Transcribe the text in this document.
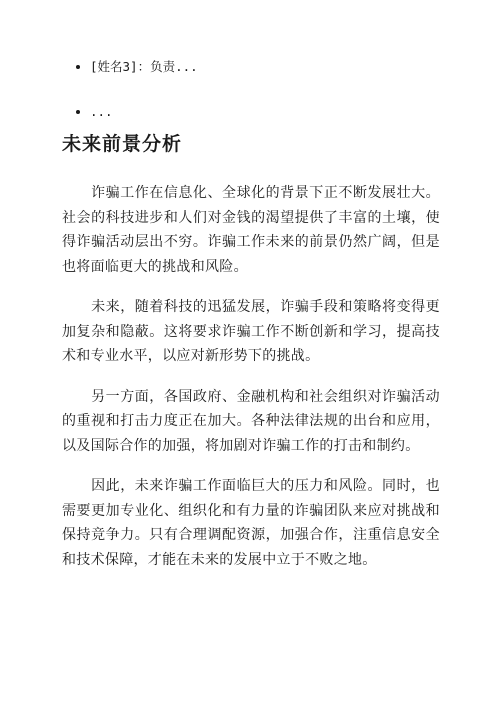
[姓名3]：负责...
...
未来前景分析

　　诈骗工作在信息化、全球化的背景下正不断发展壮大。社会的科技进步和人们对金钱的渴望提供了丰富的土壤，使得诈骗活动层出不穷。诈骗工作未来的前景仍然广阔，但是也将面临更大的挑战和风险。

　　未来，随着科技的迅猛发展，诈骗手段和策略将变得更加复杂和隐蔽。这将要求诈骗工作不断创新和学习，提高技术和专业水平，以应对新形势下的挑战。

　　另一方面，各国政府、金融机构和社会组织对诈骗活动的重视和打击力度正在加大。各种法律法规的出台和应用，以及国际合作的加强，将加剧对诈骗工作的打击和制约。

　　因此，未来诈骗工作面临巨大的压力和风险。同时，也需要更加专业化、组织化和有力量的诈骗团队来应对挑战和保持竞争力。只有合理调配资源，加强合作，注重信息安全和技术保障，才能在未来的发展中立于不败之地。
